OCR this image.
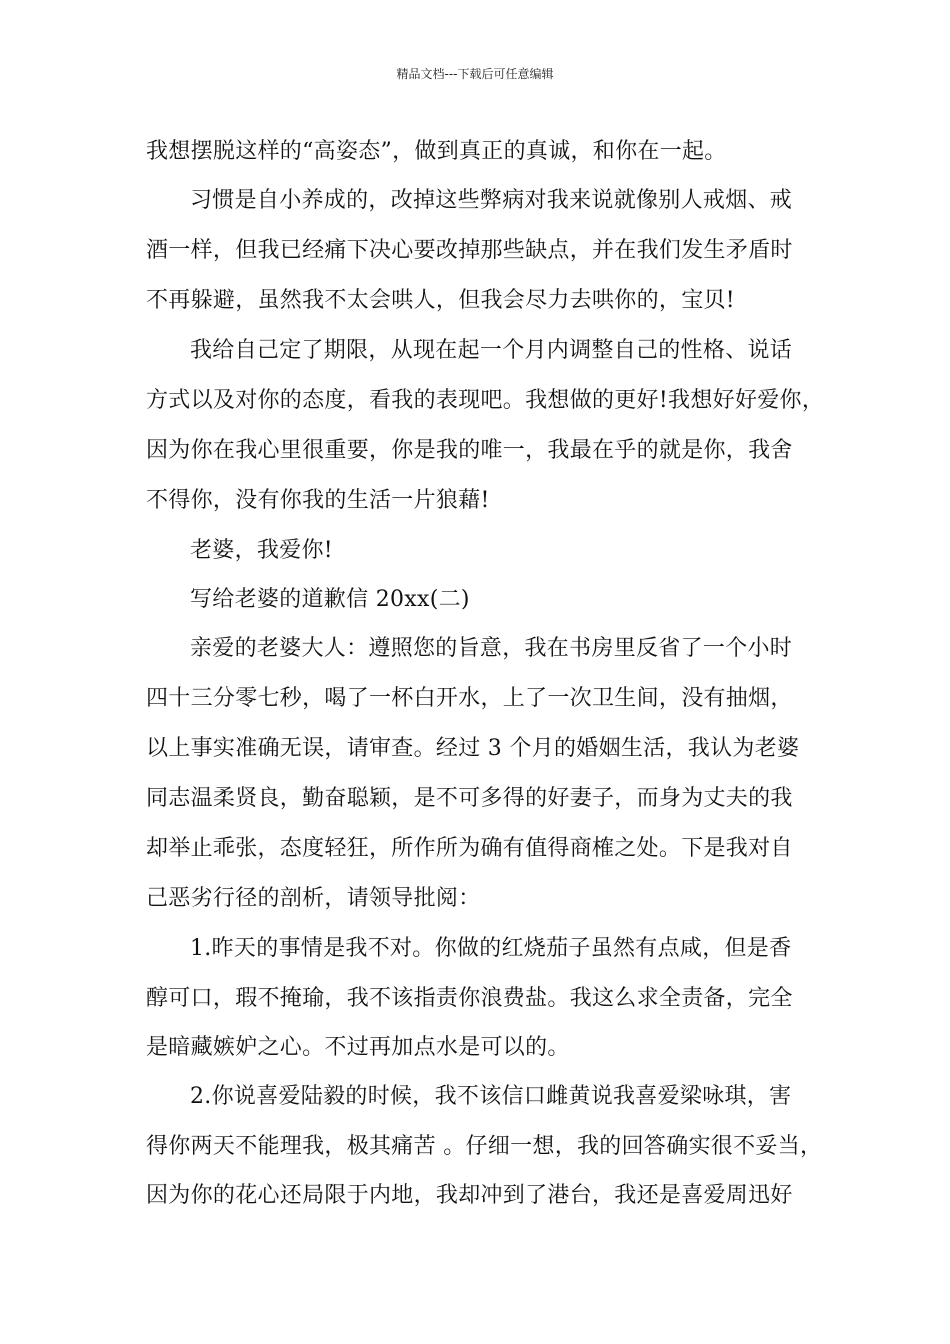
精品文档---下载后可任意编辑
我想摆脱这样的“高姿态”，做到真正的真诚，和你在一起。
习惯是自小养成的，改掉这些弊病对我来说就像别人戒烟、戒
酒一样，但我已经痛下决心要改掉那些缺点，并在我们发生矛盾时
不再躲避，虽然我不太会哄人，但我会尽力去哄你的，宝贝!
我给自己定了期限，从现在起一个月内调整自己的性格、说话
方式以及对你的态度，看我的表现吧。我想做的更好!我想好好爱你，
因为你在我心里很重要，你是我的唯一，我最在乎的就是你，我舍
不得你，没有你我的生活一片狼藉!
老婆，我爱你!
写给老婆的道歉信 20xx(二)
亲爱的老婆大人：遵照您的旨意，我在书房里反省了一个小时
四十三分零七秒，喝了一杯白开水，上了一次卫生间，没有抽烟，
以上事实准确无误，请审查。经过 3 个月的婚姻生活，我认为老婆
同志温柔贤良，勤奋聪颖，是不可多得的好妻子，而身为丈夫的我
却举止乖张，态度轻狂，所作所为确有值得商榷之处。下是我对自
己恶劣行径的剖析，请领导批阅：
1.昨天的事情是我不对。你做的红烧茄子虽然有点咸，但是香
醇可口，瑕不掩瑜，我不该指责你浪费盐。我这么求全责备，完全
是暗藏嫉妒之心。不过再加点水是可以的。
2.你说喜爱陆毅的时候，我不该信口雌黄说我喜爱梁咏琪，害
得你两天不能理我，极其痛苦 。仔细一想，我的回答确实很不妥当，
因为你的花心还局限于内地，我却冲到了港台，我还是喜爱周迅好
